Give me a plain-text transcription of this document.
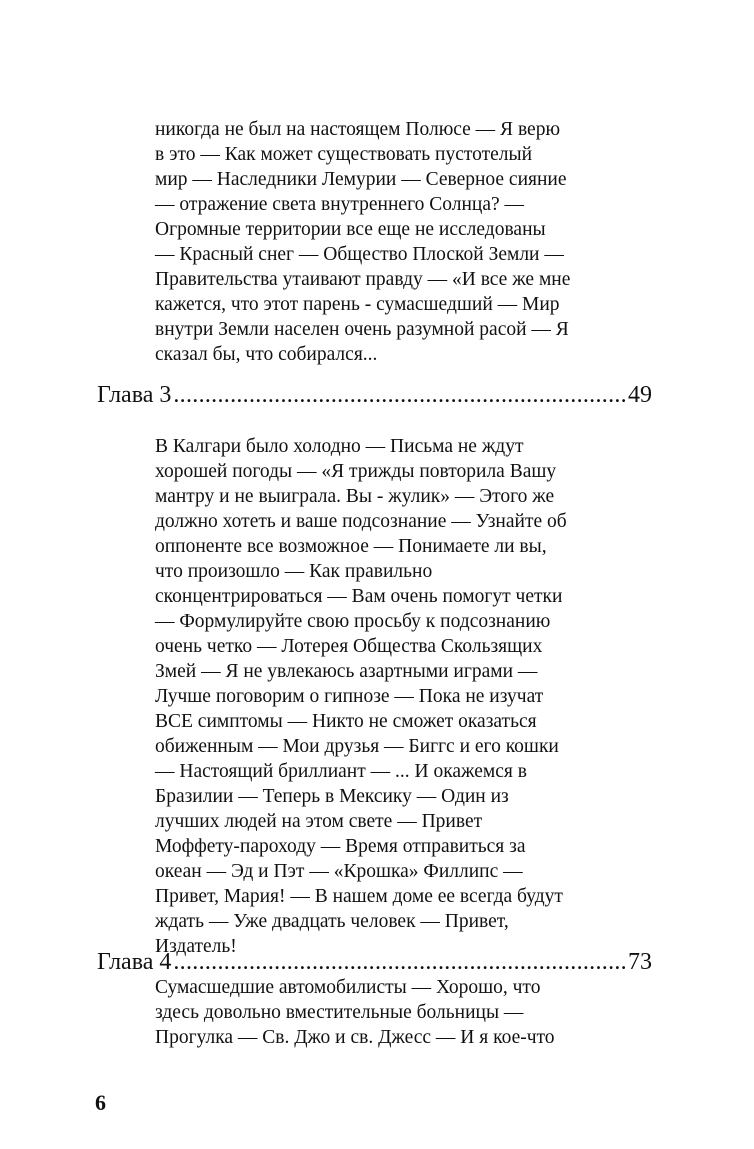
никогда не был на настоящем Полюсе — Я верю
в это — Как может существовать пустотелый
мир — Наследники Лемурии — Северное сияние
— отражение света внутреннего Солнца? —
Огромные территории все еще не исследованы
— Красный снег — Общество Плоской Земли —
Правительства утаивают правду — «И все же мне
кажется, что этот парень - сумасшедший — Мир
внутри Земли населен очень разумной расой — Я
сказал бы, что собирался...
Глава 3 .....	49
В Калгари было холодно — Письма не ждут
хорошей погоды — «Я трижды повторила Вашу
мантру и не выиграла. Вы - жулик» — Этого же
должно хотеть и ваше подсознание — Узнайте об
оппоненте все возможное — Понимаете ли вы,
что произошло — Как правильно
сконцентрироваться — Вам очень помогут четки
— Формулируйте свою просьбу к подсознанию
очень четко — Лотерея Общества Скользящих
Змей — Я не увлекаюсь азартными играми —
Лучше поговорим о гипнозе — Пока не изучат
ВСЕ симптомы — Никто не сможет оказаться
обиженным — Мои друзья — Биггс и его кошки
— Настоящий бриллиант — ... И окажемся в
Бразилии — Теперь в Мексику — Один из
лучших людей на этом свете — Привет
Моффету-пароходу — Время отправиться за
океан — Эд и Пэт — «Крошка» Филлипс —
Привет, Мария! — В нашем доме ее всегда будут
ждать — Уже двадцать человек — Привет,
Издатель!
Глава 4 .....	73
Сумасшедшие автомобилисты — Хорошо, что
здесь довольно вместительные больницы —
Прогулка — Св. Джо и св. Джесс — И я кое-что
6
